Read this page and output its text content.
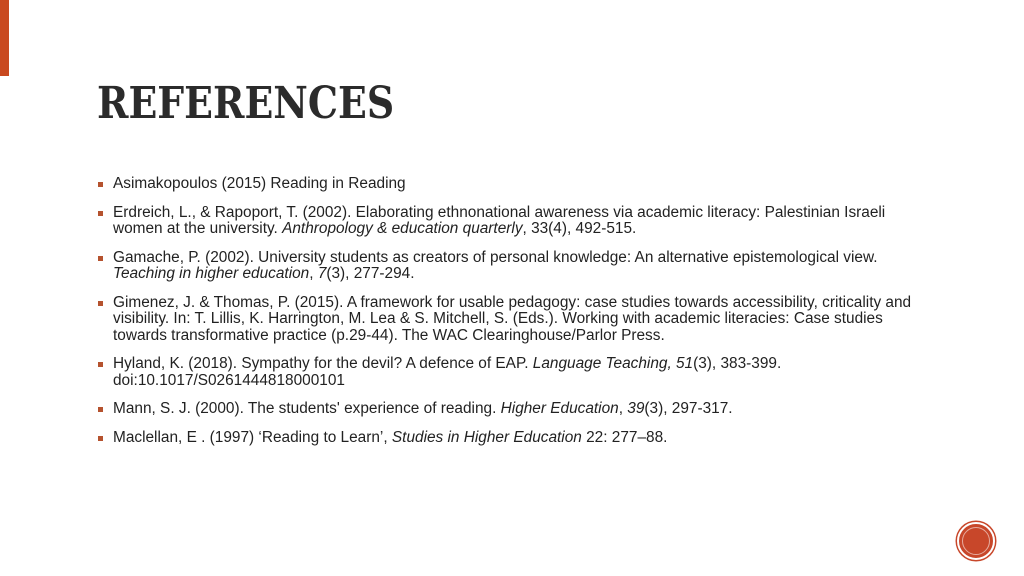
REFERENCES
Asimakopoulos (2015) Reading in Reading
Erdreich, L., & Rapoport, T. (2002). Elaborating ethnonational awareness via academic literacy: Palestinian Israeli women at the university. Anthropology & education quarterly, 33(4), 492-515.
Gamache, P. (2002). University students as creators of personal knowledge: An alternative epistemological view. Teaching in higher education, 7(3), 277-294.
Gimenez, J. & Thomas, P. (2015). A framework for usable pedagogy: case studies towards accessibility, criticality and visibility. In: T. Lillis, K. Harrington, M. Lea & S. Mitchell, S. (Eds.). Working with academic literacies: Case studies towards transformative practice (p.29-44). The WAC Clearinghouse/Parlor Press.
Hyland, K. (2018). Sympathy for the devil? A defence of EAP. Language Teaching, 51(3), 383-399. doi:10.1017/S0261444818000101
Mann, S. J. (2000). The students' experience of reading. Higher Education, 39(3), 297-317.
Maclellan, E . (1997) ‘Reading to Learn’, Studies in Higher Education 22: 277–88.
